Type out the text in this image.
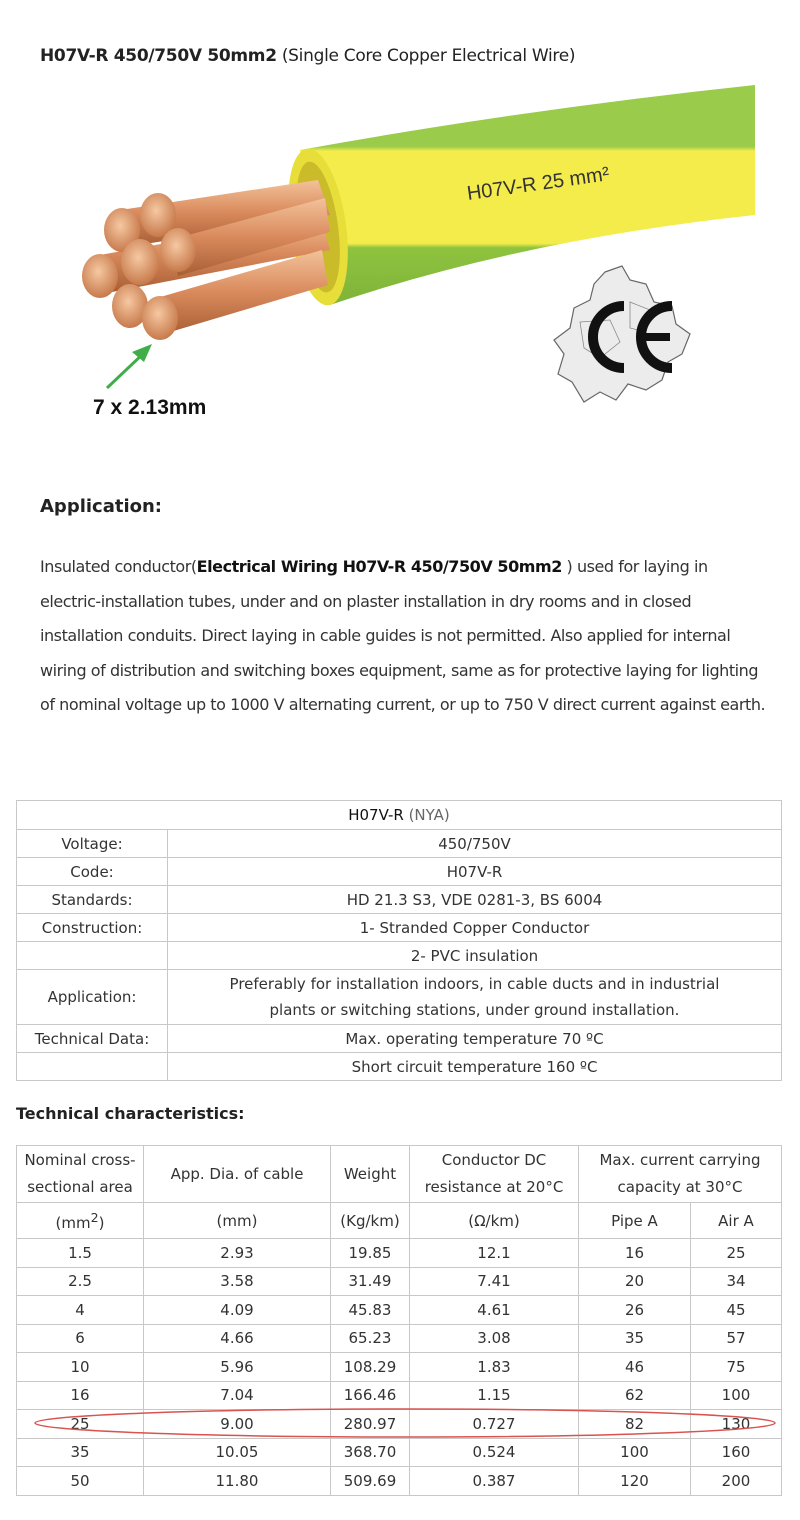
H07V-R 450/750V 50mm2 (Single Core Copper Electrical Wire)
H07V-R 25 mm²
7 x 2.13mm
Application:
Insulated conductor(Electrical Wiring H07V-R 450/750V 50mm2 ) used for laying in electric-installation tubes, under and on plaster installation in dry rooms and in closed installation conduits. Direct laying in cable guides is not permitted. Also applied for internal wiring of distribution and switching boxes equipment, same as for protective laying for lighting of nominal voltage up to 1000 V alternating current, or up to 750 V direct current against earth.
H07V-R (NYA)	
Voltage:	450/750V
Code:	H07V-R
Standards:	HD 21.3 S3, VDE 0281-3, BS 6004
Construction:	1- Stranded Copper Conductor
	2- PVC insulation
Application:	Preferably for installation indoors, in cable ducts and in industrial plants or switching stations, under ground installation.
Technical Data:	Max. operating temperature 70 ºC
	Short circuit temperature 160 ºC
Technical characteristics:
Nominal cross-sectional area	App. Dia. of cable	Weight	Conductor DC resistance at 20°C	Max. current carrying capacity at 30°C	
$(mm^2)$	(mm)	(Kg/km)	(Ω/km)	Pipe A	Air A
1.5	2.93	19.85	12.1	16	25
2.5	3.58	31.49	7.41	20	34
4	4.09	45.83	4.61	26	45
6	4.66	65.23	3.08	35	57
10	5.96	108.29	1.83	46	75
16	7.04	166.46	1.15	62	100
25	9.00	280.97	0.727	82	130
35	10.05	368.70	0.524	100	160
50	11.80	509.69	0.387	120	200
